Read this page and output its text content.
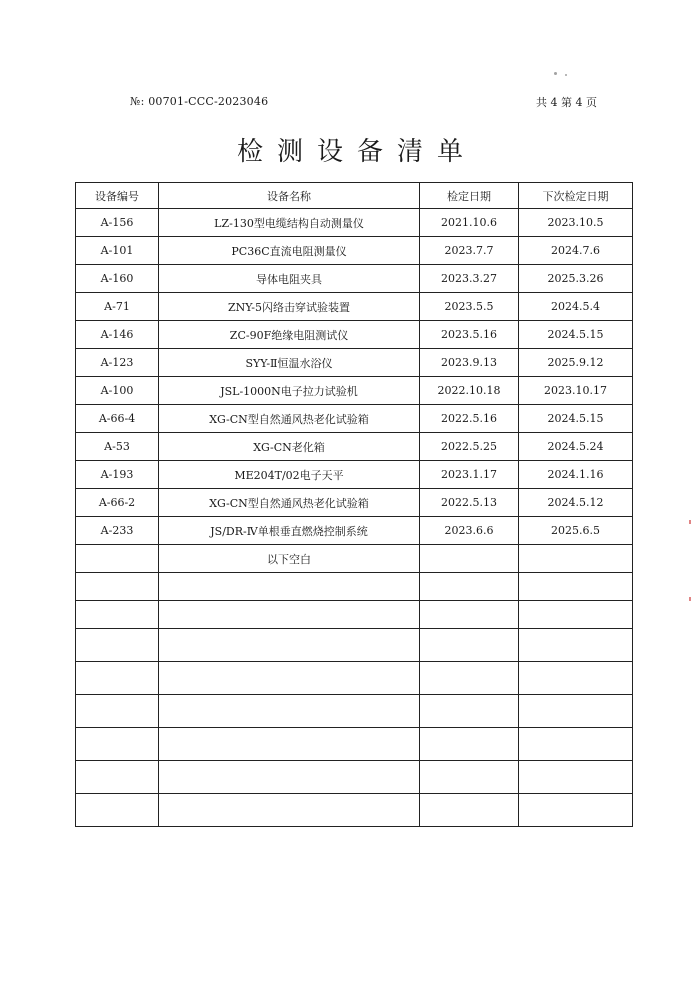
№: 00701-CCC-2023046	共 4 第 4 页
检测设备清单
设备编号	设备名称	检定日期	下次检定日期
A-156	LZ-130型电缆结构自动测量仪	2021.10.6	2023.10.5
A-101	PC36C直流电阻测量仪	2023.7.7	2024.7.6
A-160	导体电阻夹具	2023.3.27	2025.3.26
A-71	ZNY-5闪络击穿试验装置	2023.5.5	2024.5.4
A-146	ZC-90F绝缘电阻测试仪	2023.5.16	2024.5.15
A-123	SYY-Ⅱ恒温水浴仪	2023.9.13	2025.9.12
A-100	JSL-1000N电子拉力试验机	2022.10.18	2023.10.17
A-66-4	XG-CN型自然通风热老化试验箱	2022.5.16	2024.5.15
A-53	XG-CN老化箱	2022.5.25	2024.5.24
A-193	ME204T/02电子天平	2023.1.17	2024.1.16
A-66-2	XG-CN型自然通风热老化试验箱	2022.5.13	2024.5.12
A-233	JS/DR-Ⅳ单根垂直燃烧控制系统	2023.6.6	2025.6.5
	以下空白		
